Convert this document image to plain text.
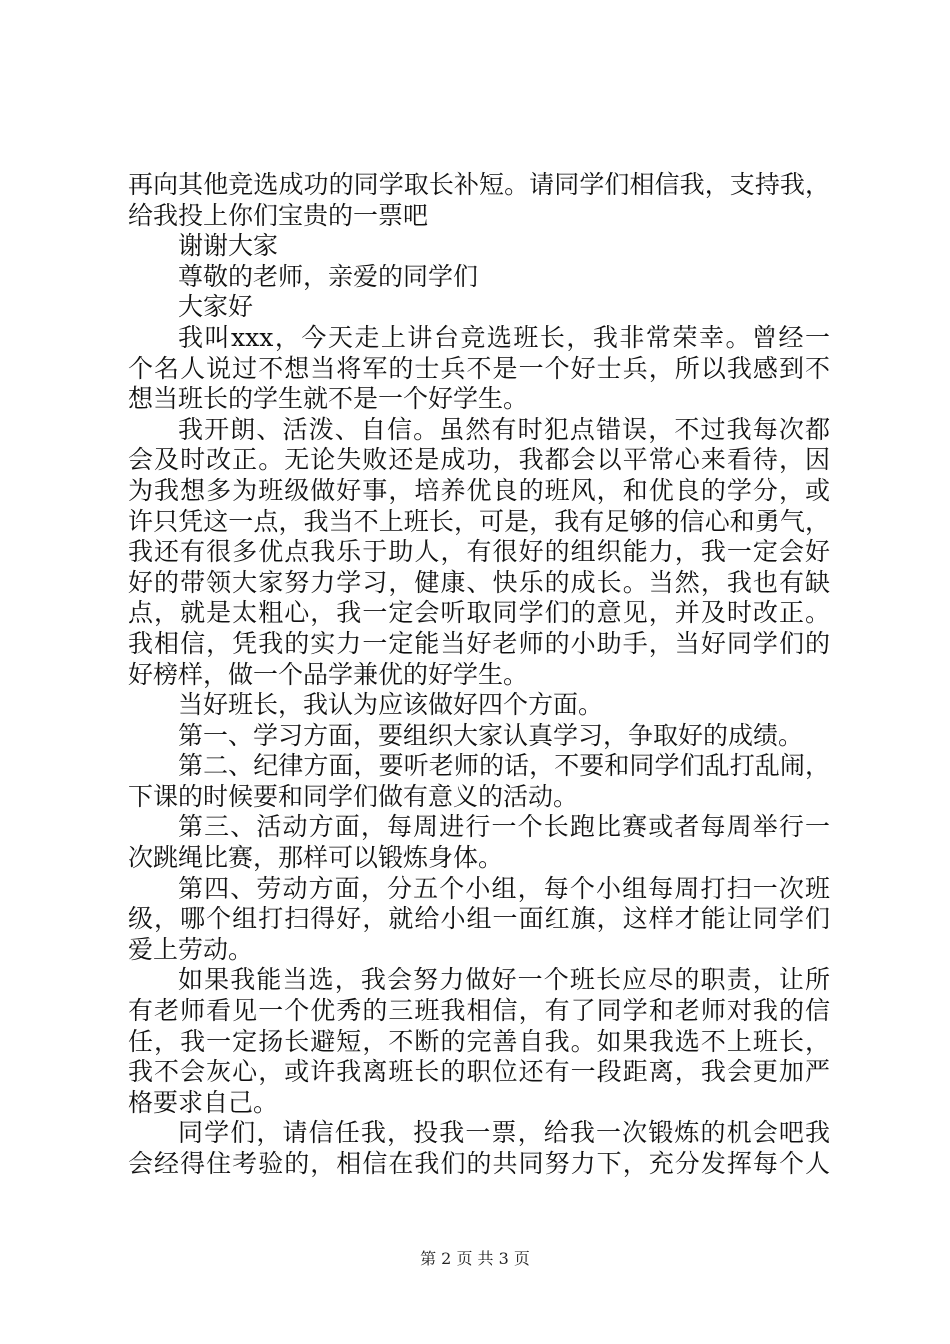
再向其他竞选成功的同学取长补短。请同学们相信我，支持我，
给我投上你们宝贵的一票吧
谢谢大家
尊敬的老师，亲爱的同学们
大家好
我叫xxx，今天走上讲台竞选班长，我非常荣幸。曾经一
个名人说过不想当将军的士兵不是一个好士兵，所以我感到不
想当班长的学生就不是一个好学生。
我开朗、活泼、自信。虽然有时犯点错误，不过我每次都
会及时改正。无论失败还是成功，我都会以平常心来看待，因
为我想多为班级做好事，培养优良的班风，和优良的学分，或
许只凭这一点，我当不上班长，可是，我有足够的信心和勇气，
我还有很多优点我乐于助人，有很好的组织能力，我一定会好
好的带领大家努力学习，健康、快乐的成长。当然，我也有缺
点，就是太粗心，我一定会听取同学们的意见，并及时改正。
我相信，凭我的实力一定能当好老师的小助手，当好同学们的
好榜样，做一个品学兼优的好学生。
当好班长，我认为应该做好四个方面。
第一、学习方面，要组织大家认真学习，争取好的成绩。
第二、纪律方面，要听老师的话，不要和同学们乱打乱闹，
下课的时候要和同学们做有意义的活动。
第三、活动方面，每周进行一个长跑比赛或者每周举行一
次跳绳比赛，那样可以锻炼身体。
第四、劳动方面，分五个小组，每个小组每周打扫一次班
级，哪个组打扫得好，就给小组一面红旗，这样才能让同学们
爱上劳动。
如果我能当选，我会努力做好一个班长应尽的职责，让所
有老师看见一个优秀的三班我相信，有了同学和老师对我的信
任，我一定扬长避短，不断的完善自我。如果我选不上班长，
我不会灰心，或许我离班长的职位还有一段距离，我会更加严
格要求自己。
同学们，请信任我，投我一票，给我一次锻炼的机会吧我
会经得住考验的，相信在我们的共同努力下，充分发挥每个人
第 2 页 共 3 页
